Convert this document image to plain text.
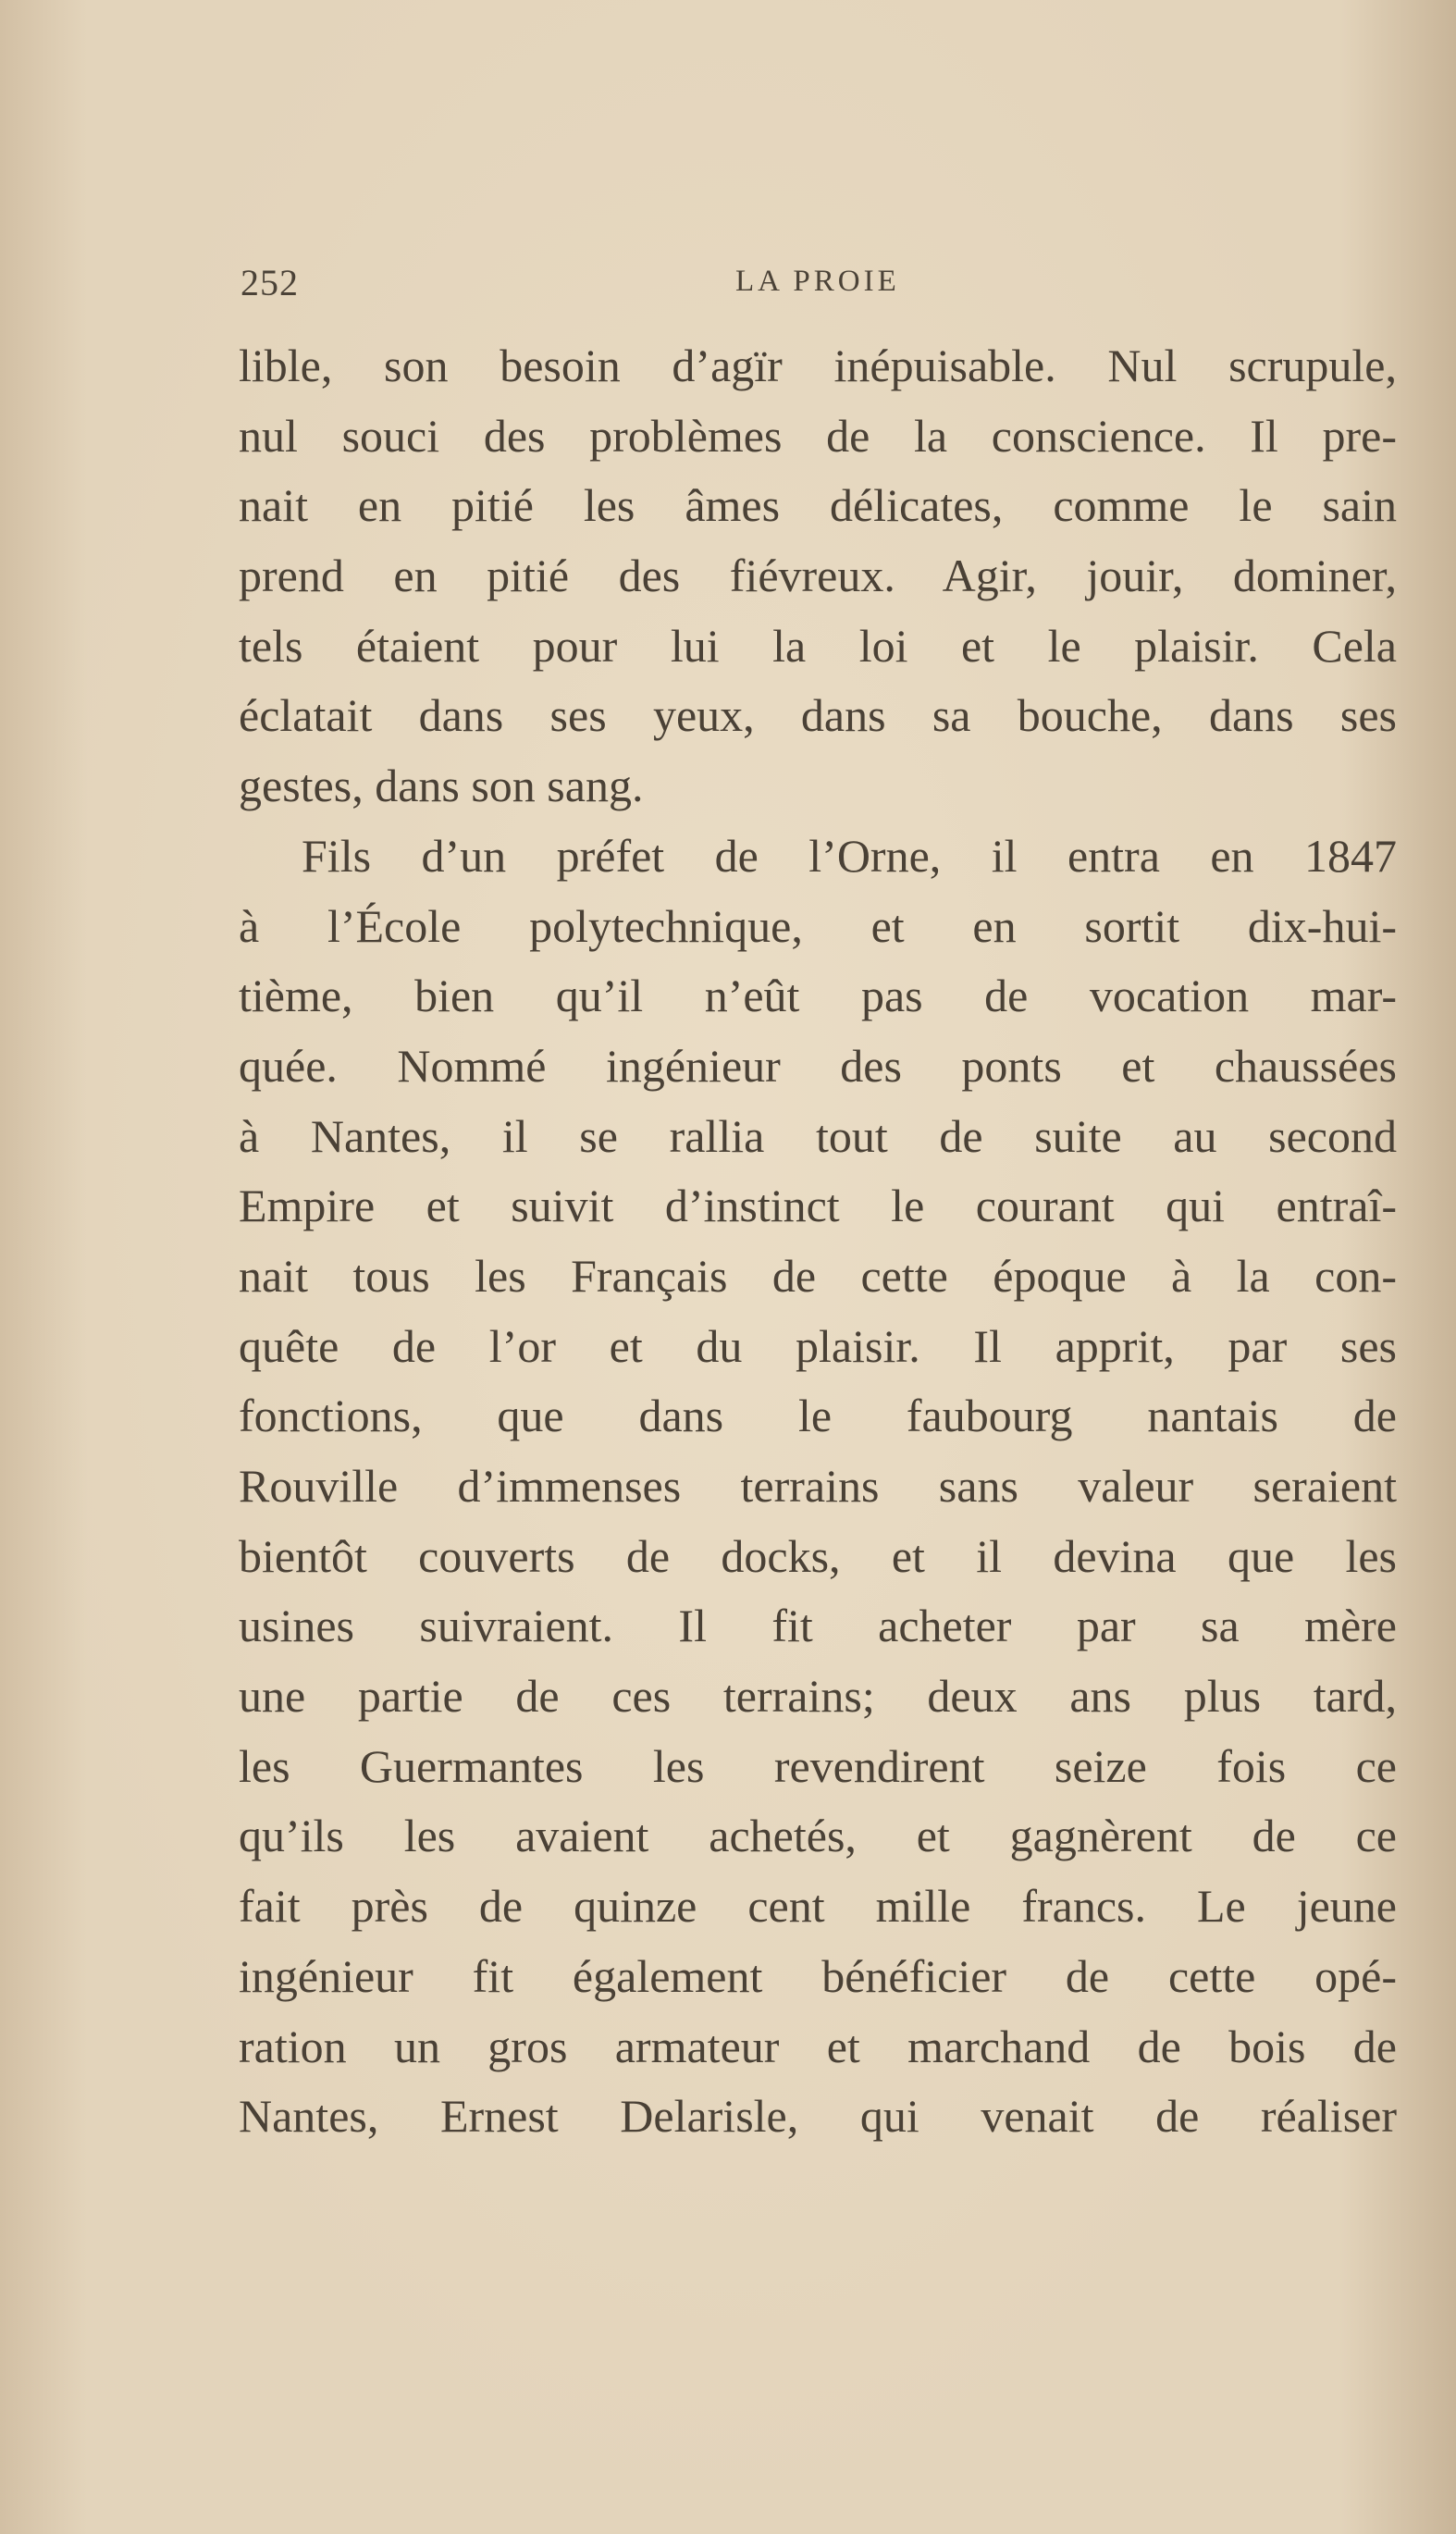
252	LA PROIE
lible, son besoin d’agïr inépuisable. Nul scrupule,
nul souci des problèmes de la conscience. Il pre-
nait en pitié les âmes délicates, comme le sain
prend en pitié des fiévreux. Agir, jouir, dominer,
tels étaient pour lui la loi et le plaisir. Cela
éclatait dans ses yeux, dans sa bouche, dans ses
gestes, dans son sang.
Fils d’un préfet de l’Orne, il entra en 1847
à l’École polytechnique, et en sortit dix-hui-
tième, bien qu’il n’eût pas de vocation mar-
quée. Nommé ingénieur des ponts et chaussées
à Nantes, il se rallia tout de suite au second
Empire et suivit d’instinct le courant qui entraî-
nait tous les Français de cette époque à la con-
quête de l’or et du plaisir. Il apprit, par ses
fonctions, que dans le faubourg nantais de
Rouville d’immenses terrains sans valeur seraient
bientôt couverts de docks, et il devina que les
usines suivraient. Il fit acheter par sa mère
une partie de ces terrains; deux ans plus tard,
les Guermantes les revendirent seize fois ce
qu’ils les avaient achetés, et gagnèrent de ce
fait près de quinze cent mille francs. Le jeune
ingénieur fit également bénéficier de cette opé-
ration un gros armateur et marchand de bois de
Nantes, Ernest Delarisle, qui venait de réaliser
